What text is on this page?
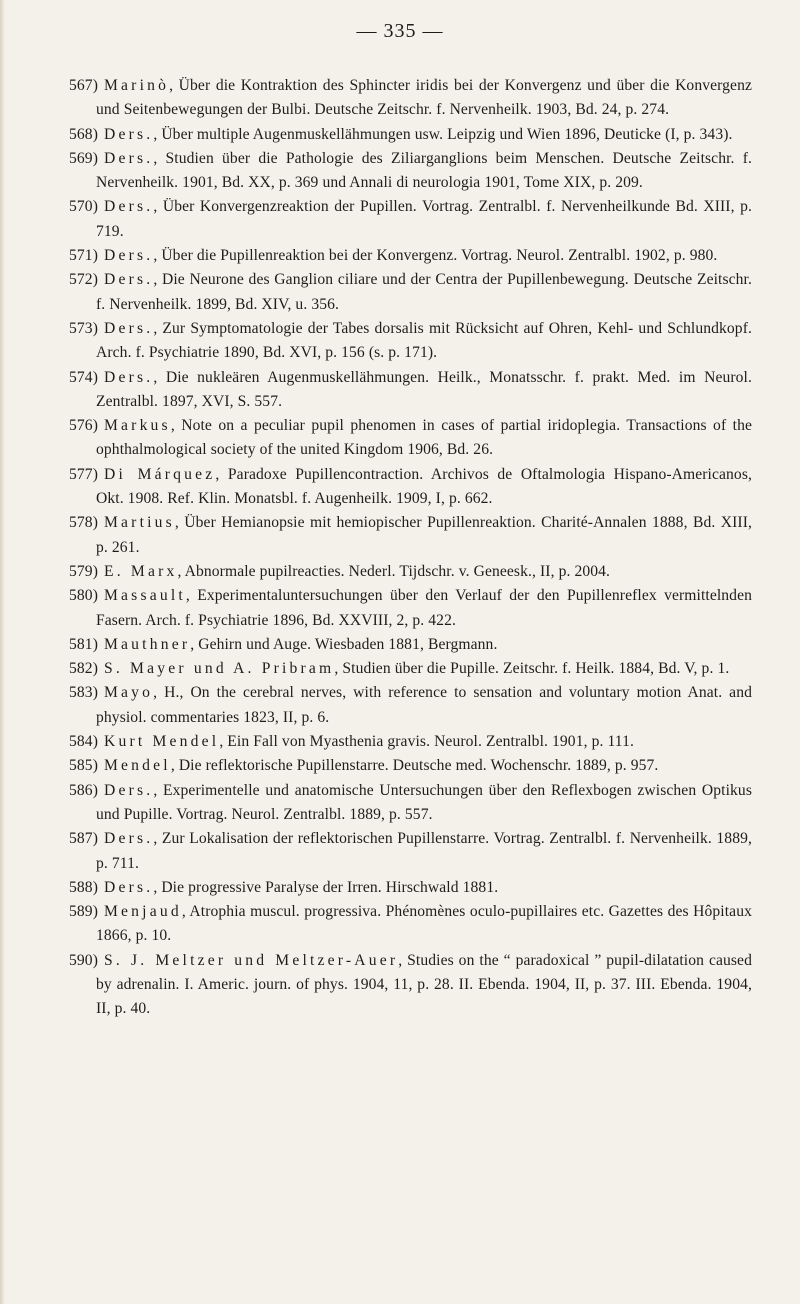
— 335 —
567) Marinò, Über die Kontraktion des Sphincter iridis bei der Konvergenz und über die Konvergenz und Seitenbewegungen der Bulbi. Deutsche Zeitschr. f. Nervenheilk. 1903, Bd. 24, p. 274.
568) Ders., Über multiple Augenmuskellähmungen usw. Leipzig und Wien 1896, Deuticke (I, p. 343).
569) Ders., Studien über die Pathologie des Ziliarganglions beim Menschen. Deutsche Zeitschr. f. Nervenheilk. 1901, Bd. XX, p. 369 und Annali di neurologia 1901, Tome XIX, p. 209.
570) Ders., Über Konvergenzreaktion der Pupillen. Vortrag. Zentralbl. f. Nervenheilkunde Bd. XIII, p. 719.
571) Ders., Über die Pupillenreaktion bei der Konvergenz. Vortrag. Neurol. Zentralbl. 1902, p. 980.
572) Ders., Die Neurone des Ganglion ciliare und der Centra der Pupillenbewegung. Deutsche Zeitschr. f. Nervenheilk. 1899, Bd. XIV, u. 356.
573) Ders., Zur Symptomatologie der Tabes dorsalis mit Rücksicht auf Ohren, Kehl- und Schlundkopf. Arch. f. Psychiatrie 1890, Bd. XVI, p. 156 (s. p. 171).
574) Ders., Die nukleären Augenmuskellähmungen. Heilk., Monatsschr. f. prakt. Med. im Neurol. Zentralbl. 1897, XVI, S. 557.
576) Markus, Note on a peculiar pupil phenomen in cases of partial iridoplegia. Transactions of the ophthalmological society of the united Kingdom 1906, Bd. 26.
577) Di Márquez, Paradoxe Pupillencontraction. Archivos de Oftalmologia Hispano-Americanos, Okt. 1908. Ref. Klin. Monatsbl. f. Augenheilk. 1909, I, p. 662.
578) Martius, Über Hemianopsie mit hemiopischer Pupillenreaktion. Charité-Annalen 1888, Bd. XIII, p. 261.
579) E. Marx, Abnormale pupilreacties. Nederl. Tijdschr. v. Geneesk., II, p. 2004.
580) Massault, Experimentaluntersuchungen über den Verlauf der den Pupillenreflex vermittelnden Fasern. Arch. f. Psychiatrie 1896, Bd. XXVIII, 2, p. 422.
581) Mauthner, Gehirn und Auge. Wiesbaden 1881, Bergmann.
582) S. Mayer und A. Pribram, Studien über die Pupille. Zeitschr. f. Heilk. 1884, Bd. V, p. 1.
583) Mayo, H., On the cerebral nerves, with reference to sensation and voluntary motion Anat. and physiol. commentaries 1823, II, p. 6.
584) Kurt Mendel, Ein Fall von Myasthenia gravis. Neurol. Zentralbl. 1901, p. 111.
585) Mendel, Die reflektorische Pupillenstarre. Deutsche med. Wochenschr. 1889, p. 957.
586) Ders., Experimentelle und anatomische Untersuchungen über den Reflexbogen zwischen Optikus und Pupille. Vortrag. Neurol. Zentralbl. 1889, p. 557.
587) Ders., Zur Lokalisation der reflektorischen Pupillenstarre. Vortrag. Zentralbl. f. Nervenheilk. 1889, p. 711.
588) Ders., Die progressive Paralyse der Irren. Hirschwald 1881.
589) Menjaud, Atrophia muscul. progressiva. Phénomènes oculo-pupillaires etc. Gazettes des Hôpitaux 1866, p. 10.
590) S. J. Meltzer und Meltzer-Auer, Studies on the “ paradoxical ” pupil-dilatation caused by adrenalin. I. Americ. journ. of phys. 1904, 11, p. 28. II. Ebenda. 1904, II, p. 37. III. Ebenda. 1904, II, p. 40.
